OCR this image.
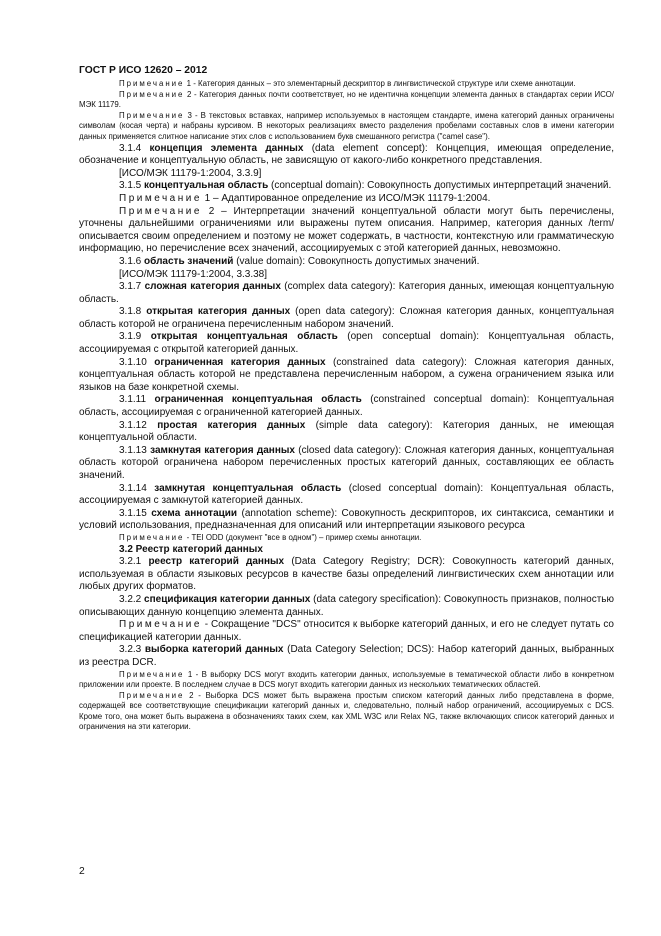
ГОСТ Р ИСО 12620 – 2012

Примечание 1 - Категория данных – это элементарный дескриптор в лингвистической структуре или схеме аннотации.

Примечание 2 - Категория данных почти соответствует, но не идентична концепции элемента данных в стандартах серии ИСО/МЭК 11179.

Примечание 3 - В текстовых вставках, например используемых в настоящем стандарте, имена категорий данных ограничены символам (косая черта) и набраны курсивом. В некоторых реализациях вместо разделения пробелами составных слов в имени категории данных применяется слитное написание этих слов с использованием букв смешанного регистра ("camel case").

3.1.4 концепция элемента данных (data element concept): Концепция, имеющая определение, обозначение и концептуальную область, не зависящую от какого-либо конкретного представления.

[ИСО/МЭК 11179-1:2004, 3.3.9]

3.1.5 концептуальная область (conceptual domain): Совокупность допустимых интерпретаций значений.

Примечание 1 – Адаптированное определение из ИСО/МЭК 11179-1:2004.

Примечание 2 – Интерпретации значений концептуальной области могут быть перечислены, уточнены дальнейшими ограничениями или выражены путем описания. Например, категория данных /term/ описывается своим определением и поэтому не может содержать, в частности, контекстную или грамматическую информацию, но перечисление всех значений, ассоциируемых с этой категорией данных, невозможно.

3.1.6 область значений (value domain): Совокупность допустимых значений.

[ИСО/МЭК 11179-1:2004, 3.3.38]

3.1.7 сложная категория данных (complex data category): Категория данных, имеющая концептуальную область.

3.1.8 открытая категория данных (open data category): Сложная категория данных, концептуальная область которой не ограничена перечисленным набором значений.

3.1.9 открытая концептуальная область (open conceptual domain): Концептуальная область, ассоциируемая с открытой категорией данных.

3.1.10 ограниченная категория данных (constrained data category): Сложная категория данных, концептуальная область которой не представлена перечисленным набором, а сужена ограничением языка или языков на базе конкретной схемы.

3.1.11 ограниченная концептуальная область (constrained conceptual domain): Концептуальная область, ассоциируемая с ограниченной категорией данных.

3.1.12 простая категория данных (simple data category): Категория данных, не имеющая концептуальной области.

3.1.13 замкнутая категория данных (closed data category): Сложная категория данных, концептуальная область которой ограничена набором перечисленных простых категорий данных, составляющих ее область значений.

3.1.14 замкнутая концептуальная область (closed conceptual domain): Концептуальная область, ассоциируемая с замкнутой категорией данных.

3.1.15 схема аннотации (annotation scheme): Совокупность дескрипторов, их синтаксиса, семантики и условий использования, предназначенная для описаний или интерпретации языкового ресурса

Примечание - TEI ODD (документ "все в одном") – пример схемы аннотации.

3.2 Реестр категорий данных

3.2.1 реестр категорий данных (Data Category Registry; DCR): Совокупность категорий данных, используемая в области языковых ресурсов в качестве базы определений лингвистических схем аннотации или любых других форматов.

3.2.2 спецификация категории данных (data category specification): Совокупность признаков, полностью описывающих данную концепцию элемента данных.

Примечание - Сокращение "DCS" относится к выборке категорий данных, и его не следует путать со спецификацией категории данных.

3.2.3 выборка категорий данных (Data Category Selection; DCS): Набор категорий данных, выбранных из реестра DCR.

Примечание 1 - В выборку DCS могут входить категории данных, используемые в тематической области либо в конкретном приложении или проекте. В последнем случае в DCS могут входить категории данных из нескольких тематических областей.

Примечание 2 - Выборка DCS может быть выражена простым списком категорий данных либо представлена в форме, содержащей все соответствующие спецификации категорий данных и, следовательно, полный набор ограничений, ассоциируемых с DCS. Кроме того, она может быть выражена в обозначениях таких схем, как XML W3C или Relax NG, также включающих список категорий данных и ограничения на эти категории.

2
